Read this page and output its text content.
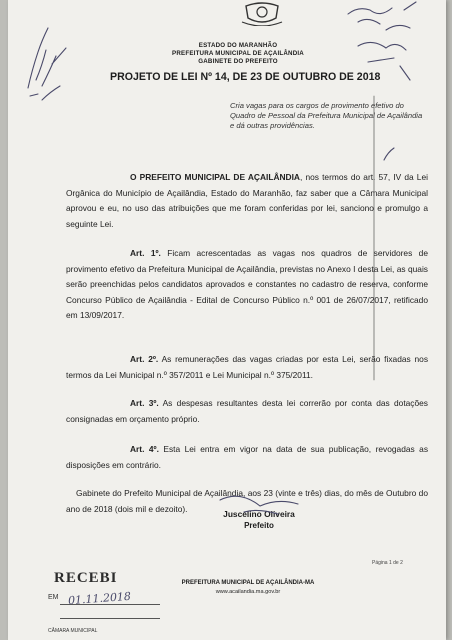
ESTADO DO MARANHÃO
PREFEITURA MUNICIPAL DE AÇAILÂNDIA
GABINETE DO PREFEITO
PROJETO DE LEI Nº 14, DE 23 DE OUTUBRO DE 2018
Cria vagas para os cargos de provimento efetivo do Quadro de Pessoal da Prefeitura Municipal de Açailândia e dá outras providências.
O PREFEITO MUNICIPAL DE AÇAILÂNDIA, nos termos do art. 57, IV da Lei Orgânica do Município de Açailândia, Estado do Maranhão, faz saber que a Câmara Municipal aprovou e eu, no uso das atribuições que me foram conferidas por lei, sanciono e promulgo a seguinte Lei.
Art. 1º. Ficam acrescentadas as vagas nos quadros de servidores de provimento efetivo da Prefeitura Municipal de Açailândia, previstas no Anexo I desta Lei, as quais serão preenchidas pelos candidatos aprovados e constantes no cadastro de reserva, conforme Concurso Público de Açailândia - Edital de Concurso Público n.º 001 de 26/07/2017, retificado em 13/09/2017.
Art. 2º. As remunerações das vagas criadas por esta Lei, serão fixadas nos termos da Lei Municipal n.º 357/2011 e Lei Municipal n.º 375/2011.
Art. 3º. As despesas resultantes desta lei correrão por conta das dotações consignadas em orçamento próprio.
Art. 4º. Esta Lei entra em vigor na data de sua publicação, revogadas as disposições em contrário.
Gabinete do Prefeito Municipal de Açailândia, aos 23 (vinte e três) dias, do mês de Outubro do ano de 2018 (dois mil e dezoito).
Juscelino Oliveira
Prefeito
Página 1 de 2
PREFEITURA MUNICIPAL DE AÇAILÂNDIA-MA
www.acailandia.ma.gov.br
RECEBI
EM 01.11.2018
CÂMARA MUNICIPAL
